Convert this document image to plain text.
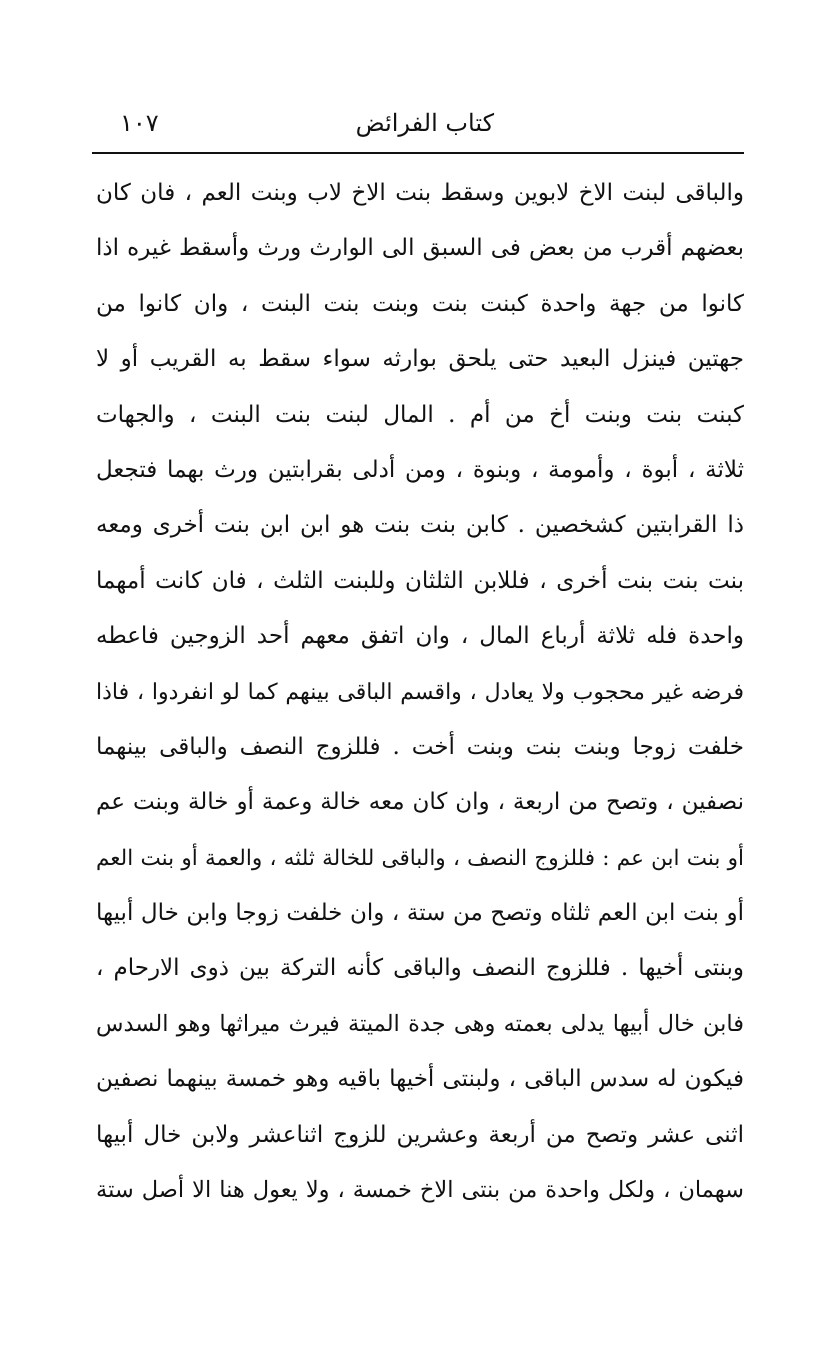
كتاب الفرائض
١٠٧
والباقى لبنت الاخ لابوين وسقط بنت الاخ لاب وبنت العم ، فان كان
بعضهم أقرب من بعض فى السبق الى الوارث ورث وأسقط غيره اذا
كانوا من جهة واحدة كبنت بنت وبنت بنت البنت ، وان كانوا من
جهتين فينزل البعيد حتى يلحق بوارثه سواء سقط به القريب أو لا
كبنت بنت وبنت أخ من أم . المال لبنت بنت البنت ، والجهات
ثلاثة ، أبوة ، وأمومة ، وبنوة ، ومن أدلى بقرابتين ورث بهما فتجعل
ذا القرابتين كشخصين . كابن بنت بنت هو ابن ابن بنت أخرى ومعه
بنت بنت بنت أخرى ، فللابن الثلثان وللبنت الثلث ، فان كانت أمهما
واحدة فله ثلاثة أرباع المال ، وان اتفق معهم أحد الزوجين فاعطه
فرضه غير محجوب ولا يعادل ، واقسم الباقى بينهم كما لو انفردوا ، فاذا
خلفت زوجا وبنت بنت وبنت أخت . فللزوج النصف والباقى بينهما
نصفين ، وتصح من اربعة ، وان كان معه خالة وعمة أو خالة وبنت عم
أو بنت ابن عم : فللزوج النصف ، والباقى للخالة ثلثه ، والعمة أو بنت العم
أو بنت ابن العم ثلثاه وتصح من ستة ، وان خلفت زوجا وابن خال أبيها
وبنتى أخيها . فللزوج النصف والباقى كأنه التركة بين ذوى الارحام ،
فابن خال أبيها يدلى بعمته وهى جدة الميتة فيرث ميراثها وهو السدس
فيكون له سدس الباقى ، ولبنتى أخيها باقيه وهو خمسة بينهما نصفين
اثنى عشر وتصح من أربعة وعشرين للزوج اثناعشر ولابن خال أبيها
سهمان ، ولكل واحدة من بنتى الاخ خمسة ، ولا يعول هنا الا أصل ستة
